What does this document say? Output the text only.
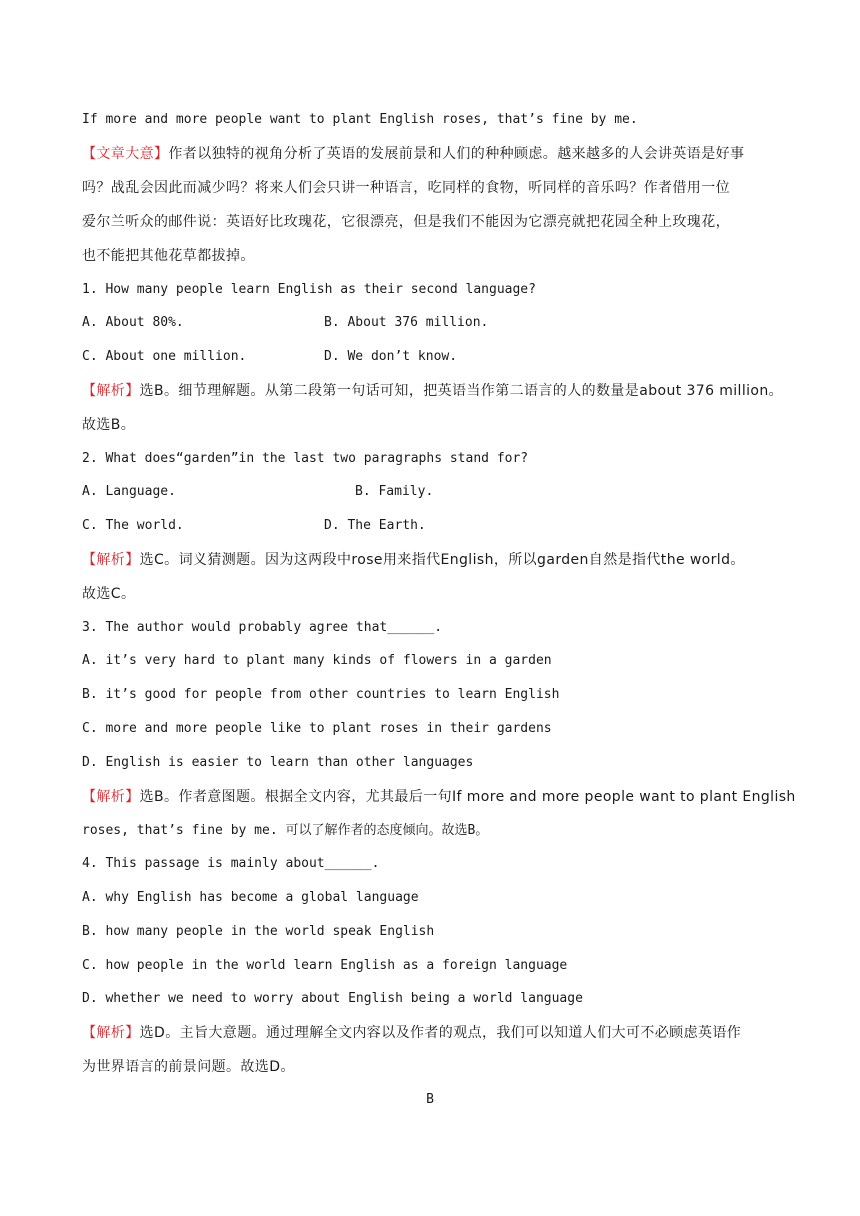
If more and more people want to plant English roses, that’s fine by me.
【文章大意】作者以独特的视角分析了英语的发展前景和人们的种种顾虑。越来越多的人会讲英语是好事
吗？战乱会因此而减少吗？将来人们会只讲一种语言，吃同样的食物，听同样的音乐吗？作者借用一位
爱尔兰听众的邮件说：英语好比玫瑰花，它很漂亮，但是我们不能因为它漂亮就把花园全种上玫瑰花，
也不能把其他花草都拔掉。
1. How many people learn English as their second language?
A. About 80%.	B. About 376 million.
C. About one million.	D. We don’t know.
【解析】选B。细节理解题。从第二段第一句话可知，把英语当作第二语言的人的数量是about 376 million。
故选B。
2. What does“garden”in the last two paragraphs stand for?
A. Language.	B. Family.
C. The world.	D. The Earth.
【解析】选C。词义猜测题。因为这两段中rose用来指代English，所以garden自然是指代the world。
故选C。
3. The author would probably agree that______.
A. it’s very hard to plant many kinds of flowers in a garden
B. it’s good for people from other countries to learn English
C. more and more people like to plant roses in their gardens
D. English is easier to learn than other languages
【解析】选B。作者意图题。根据全文内容，尤其最后一句If more and more people want to plant English
roses, that’s fine by me. 可以了解作者的态度倾向。故选B。
4. This passage is mainly about______.
A. why English has become a global language
B. how many people in the world speak English
C. how people in the world learn English as a foreign language
D. whether we need to worry about English being a world language
【解析】选D。主旨大意题。通过理解全文内容以及作者的观点，我们可以知道人们大可不必顾虑英语作
为世界语言的前景问题。故选D。
B
